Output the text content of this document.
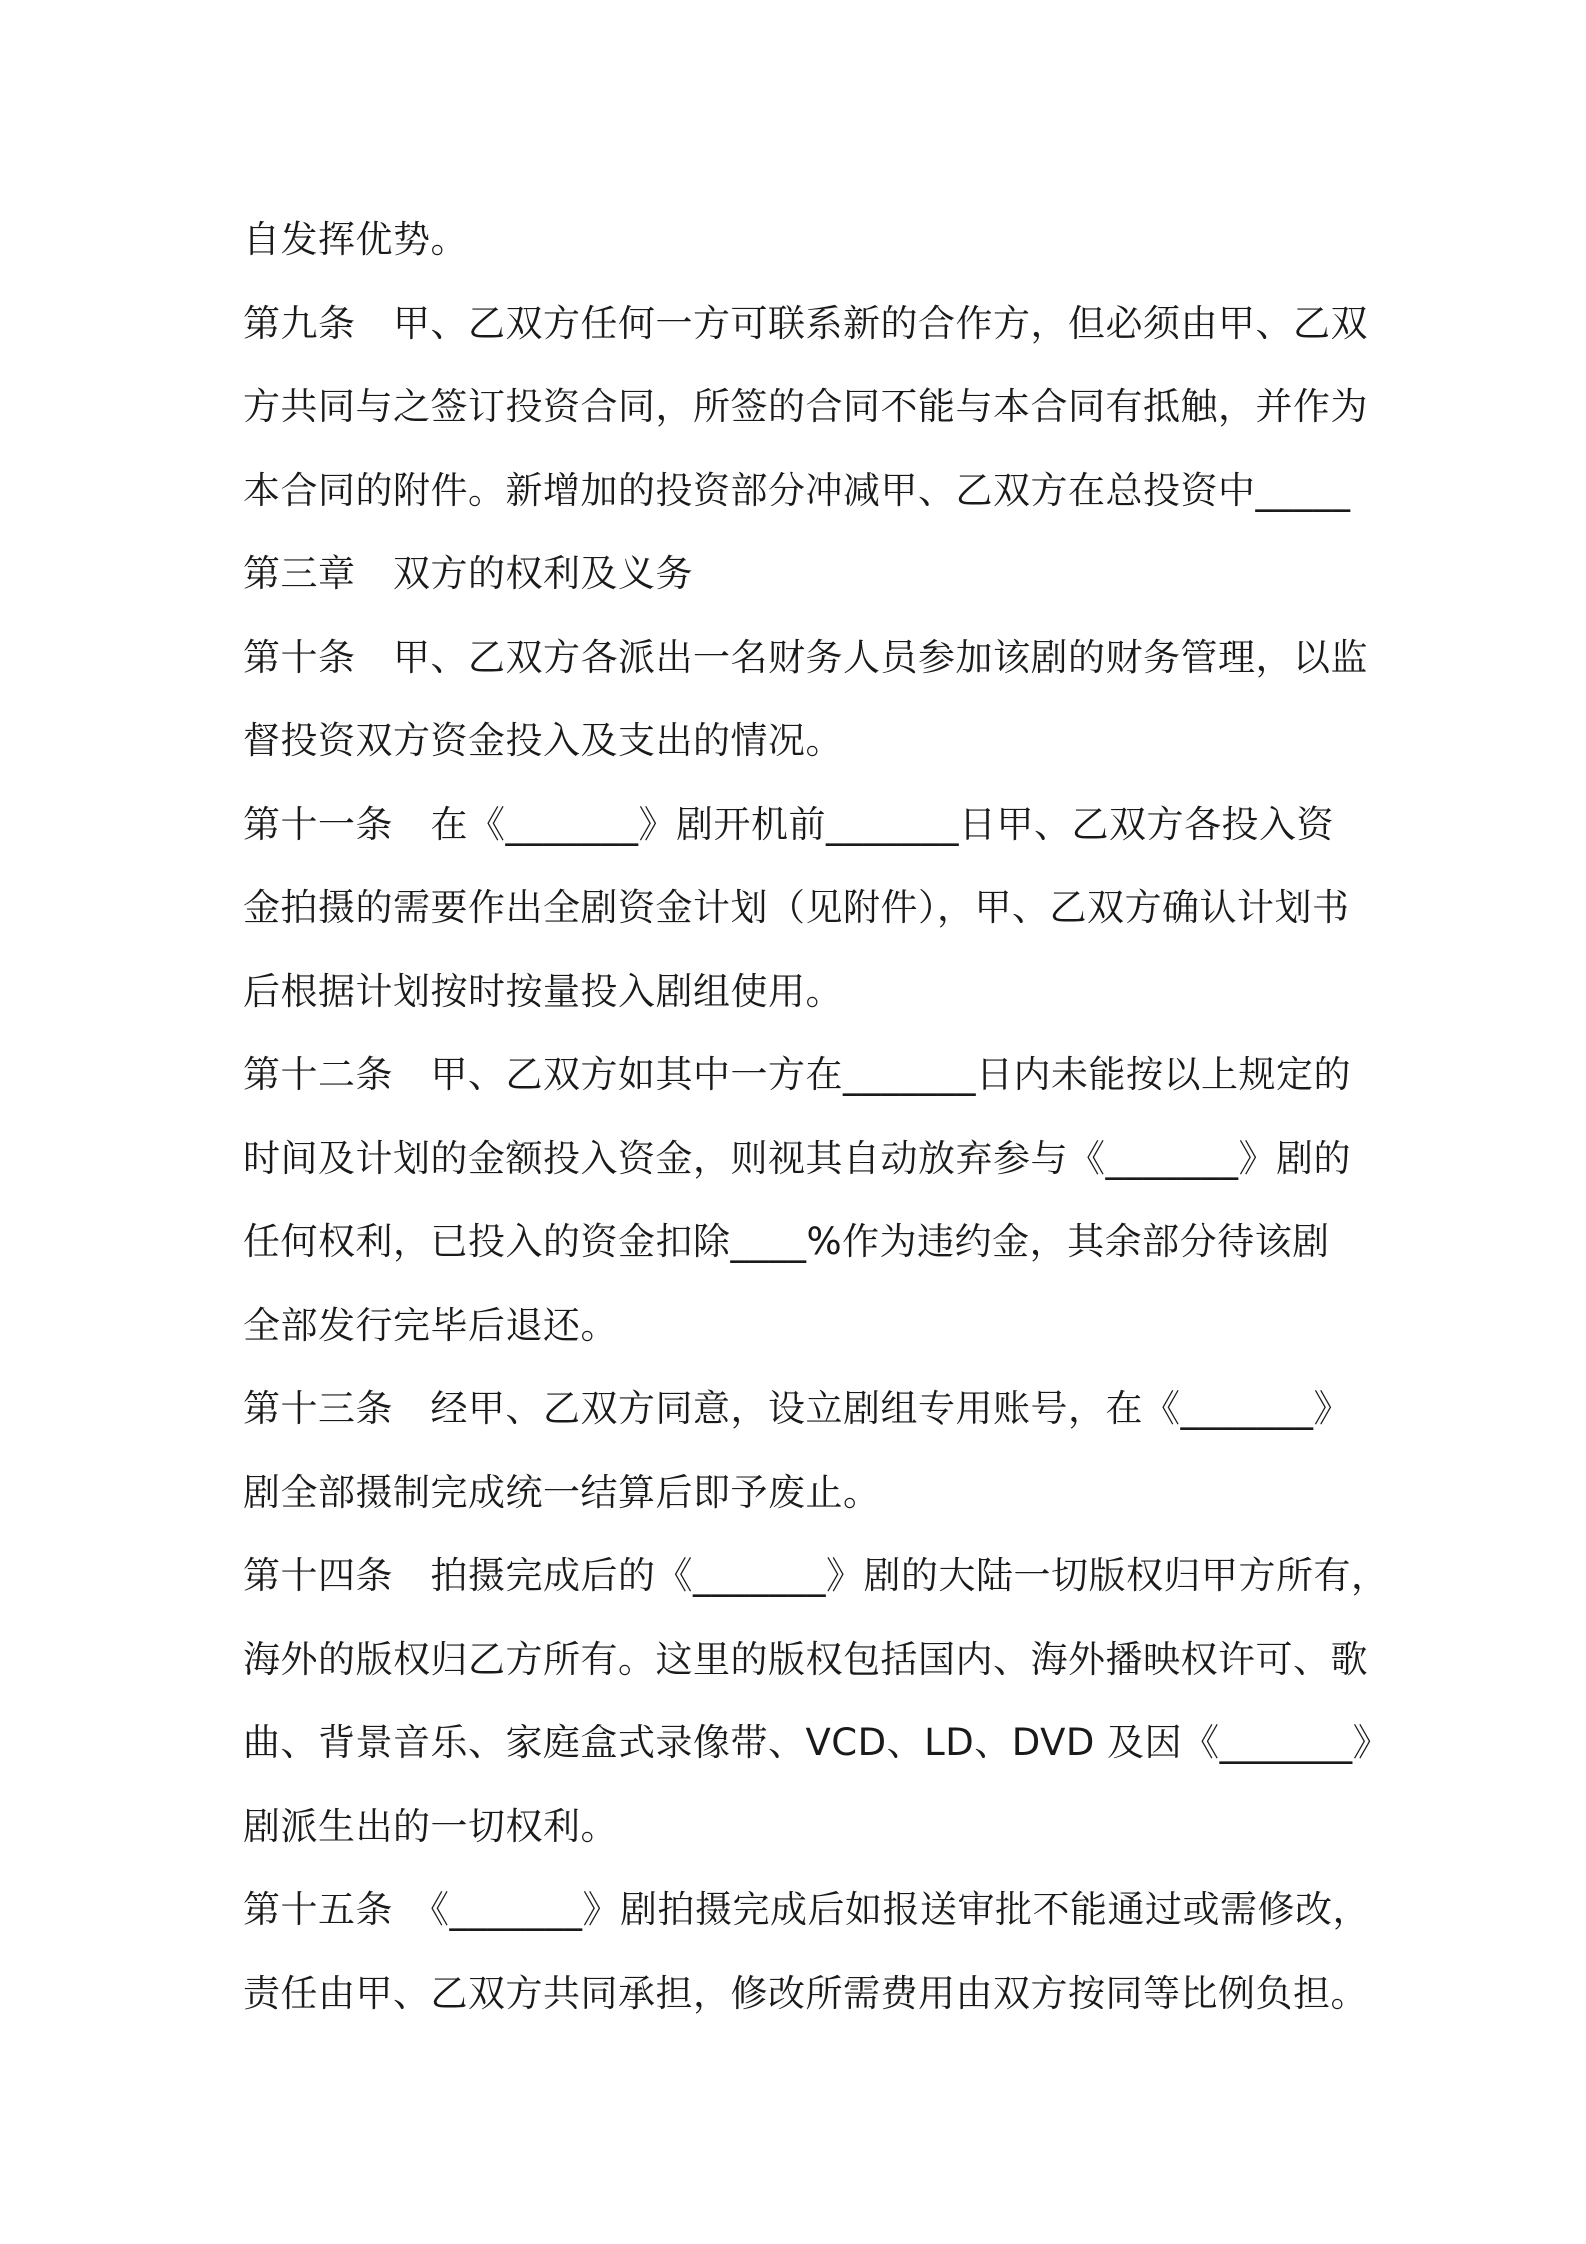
自发挥优势。
第九条　甲、乙双方任何一方可联系新的合作方，但必须由甲、乙双
方共同与之签订投资合同，所签的合同不能与本合同有抵触，并作为
本合同的附件。新增加的投资部分冲减甲、乙双方在总投资中_____
第三章　双方的权利及义务
第十条　甲、乙双方各派出一名财务人员参加该剧的财务管理，以监
督投资双方资金投入及支出的情况。
第十一条　在《_______》剧开机前_______日甲、乙双方各投入资
金拍摄的需要作出全剧资金计划（见附件），甲、乙双方确认计划书
后根据计划按时按量投入剧组使用。
第十二条　甲、乙双方如其中一方在_______日内未能按以上规定的
时间及计划的金额投入资金，则视其自动放弃参与《_______》剧的
任何权利，已投入的资金扣除____%作为违约金，其余部分待该剧
全部发行完毕后退还。
第十三条　经甲、乙双方同意，设立剧组专用账号，在《_______》
剧全部摄制完成统一结算后即予废止。
第十四条　拍摄完成后的《_______》剧的大陆一切版权归甲方所有，
海外的版权归乙方所有。这里的版权包括国内、海外播映权许可、歌
曲、背景音乐、家庭盒式录像带、VCD、LD、DVD 及因《_______》
剧派生出的一切权利。
第十五条　《_______》剧拍摄完成后如报送审批不能通过或需修改，
责任由甲、乙双方共同承担，修改所需费用由双方按同等比例负担。
